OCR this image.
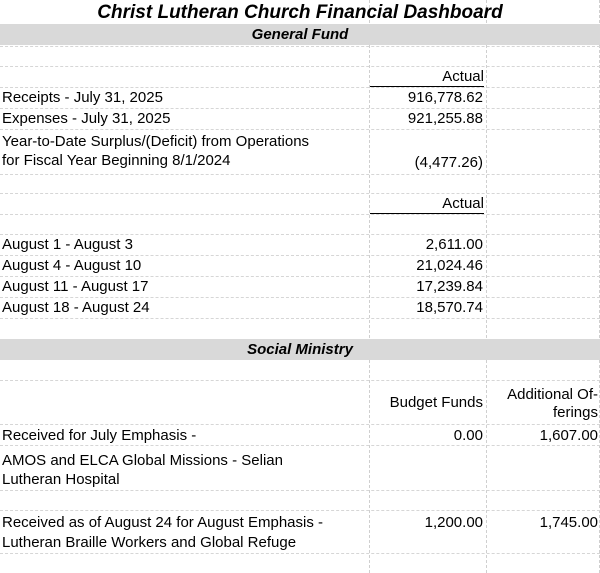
Christ Lutheran Church Financial Dashboard
General Fund
Actual
Receipts - July 31, 2025	916,778.62
Expenses - July 31, 2025	921,255.88
Year-to-Date Surplus/(Deficit) from Operations
for Fiscal Year Beginning 8/1/2024	(4,477.26)
Actual
August 1 - August 3	2,611.00
August 4 - August 10	21,024.46
August 11 - August 17	17,239.84
August 18 - August 24	18,570.74
Social Ministry
Budget Funds	Additional Of-
ferings
Received for July Emphasis -	0.00	1,607.00
AMOS and ELCA Global Missions - Selian
Lutheran Hospital
Received as of August 24 for August Emphasis -
Lutheran Braille Workers and Global Refuge
1,200.00	1,745.00
